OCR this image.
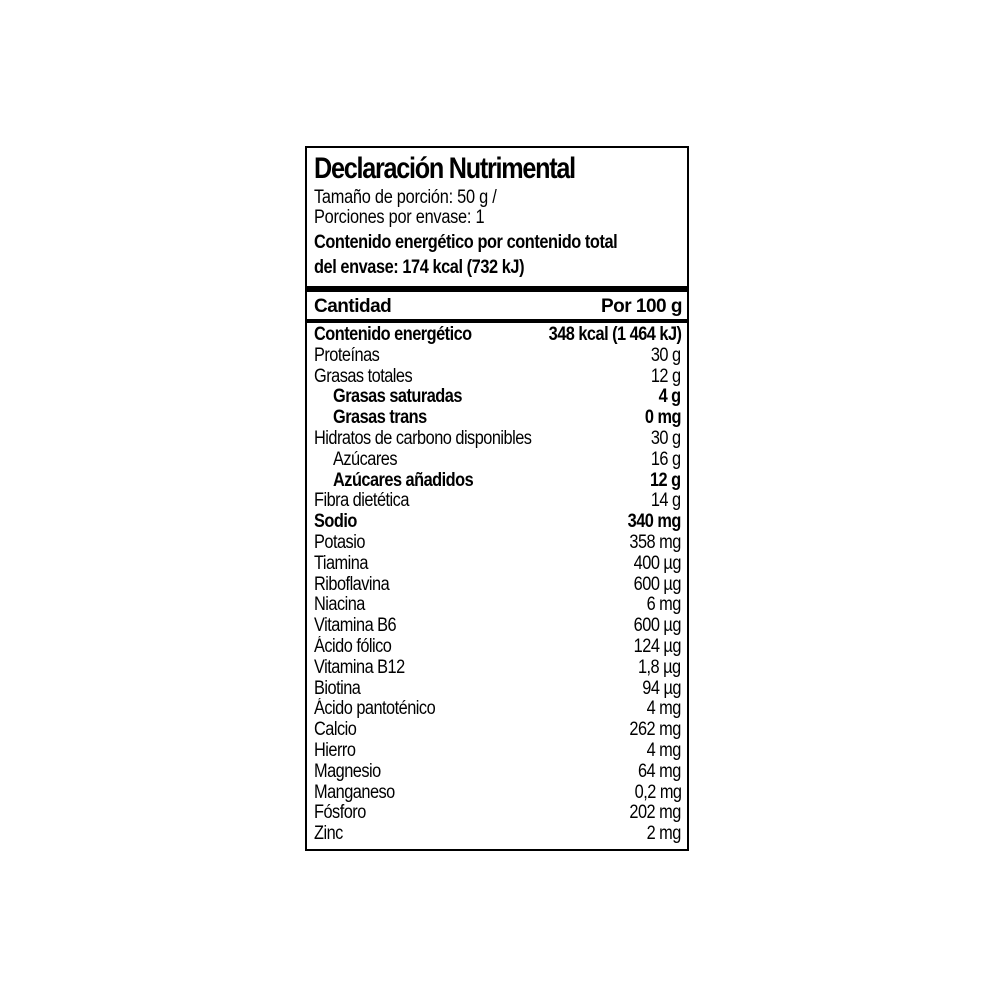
Declaración Nutrimental
Tamaño de porción: 50 g /
Porciones por envase: 1
Contenido energético por contenido total
del envase: 174 kcal (732 kJ)
Cantidad	Por 100 g
Contenido energético	348 kcal (1 464 kJ)
Proteínas	30 g
Grasas totales	12 g
Grasas saturadas	4 g
Grasas trans	0 mg
Hidratos de carbono disponibles	30 g
Azúcares	16 g
Azúcares añadidos	12 g
Fibra dietética	14 g
Sodio	340 mg
Potasio	358 mg
Tiamina	400 µg
Riboflavina	600 µg
Niacina	6 mg
Vitamina B6	600 µg
Ácido fólico	124 µg
Vitamina B12	1,8 µg
Biotina	94 µg
Ácido pantoténico	4 mg
Calcio	262 mg
Hierro	4 mg
Magnesio	64 mg
Manganeso	0,2 mg
Fósforo	202 mg
Zinc	2 mg
